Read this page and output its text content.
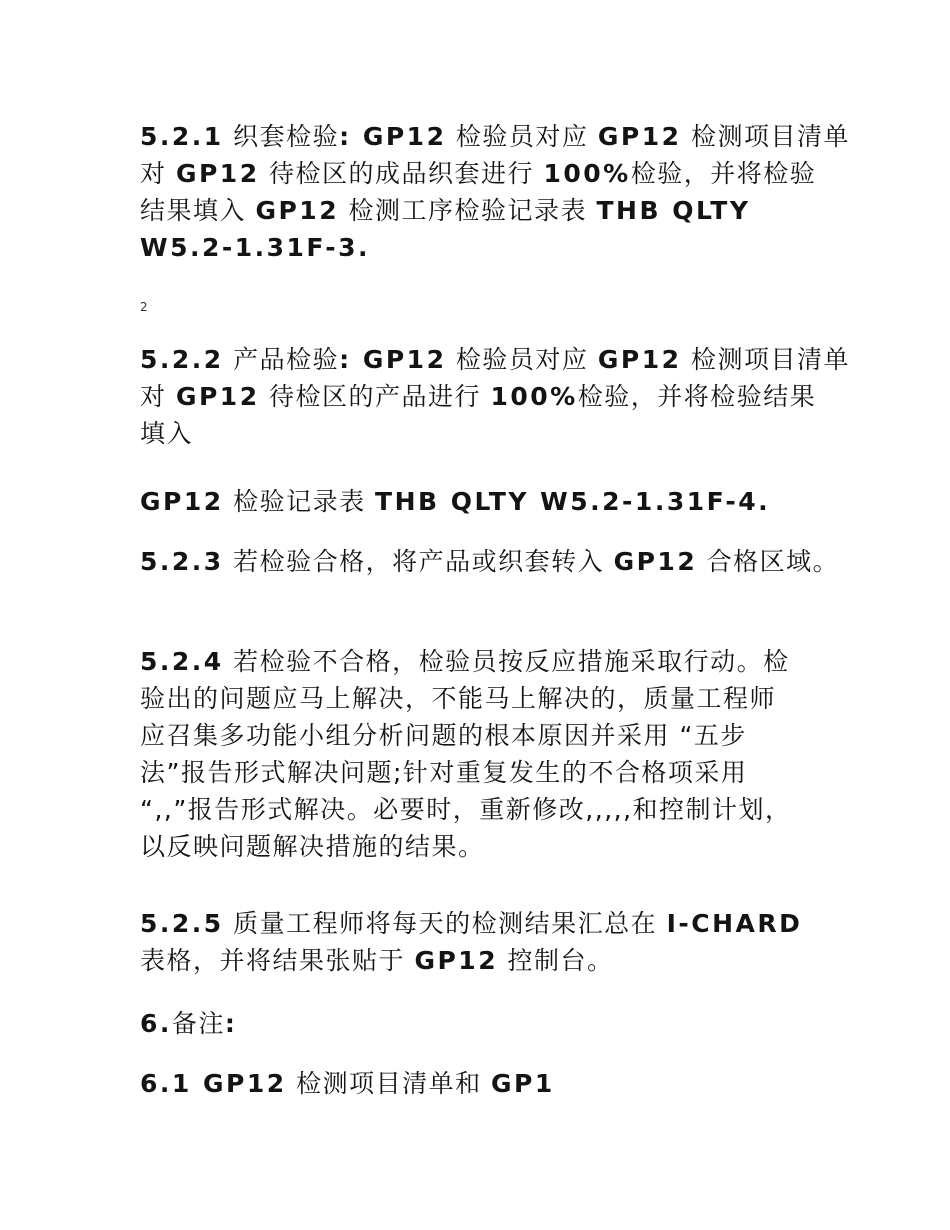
5.2.1 织套检验: GP12 检验员对应 GP12 检测项目清单
对 GP12 待检区的成品织套进行 100%检验，并将检验
结果填入 GP12 检测工序检验记录表 THB QLTY
W5.2-1.31F-3.
2
5.2.2 产品检验: GP12 检验员对应 GP12 检测项目清单
对 GP12 待检区的产品进行 100%检验，并将检验结果
填入
GP12 检验记录表 THB QLTY W5.2-1.31F-4.
5.2.3 若检验合格，将产品或织套转入 GP12 合格区域。
5.2.4 若检验不合格，检验员按反应措施采取行动。检
验出的问题应马上解决，不能马上解决的，质量工程师
应召集多功能小组分析问题的根本原因并采用 “五步
法”报告形式解决问题;针对重复发生的不合格项采用
“,,”报告形式解决。必要时，重新修改,,,,,和控制计划，
以反映问题解决措施的结果。
5.2.5 质量工程师将每天的检测结果汇总在 I-CHARD
表格，并将结果张贴于 GP12 控制台。
6.备注:
6.1 GP12 检测项目清单和 GP1
